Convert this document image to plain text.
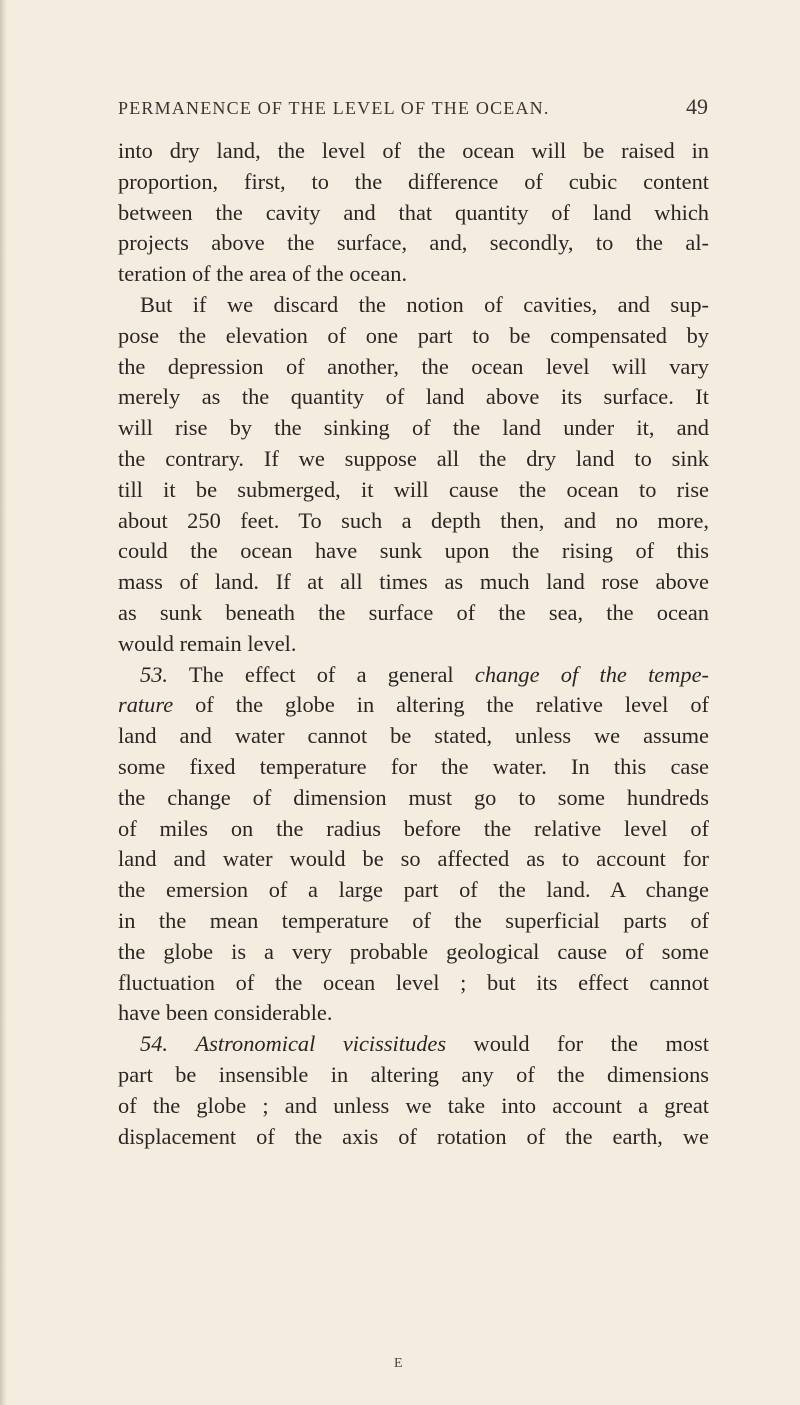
PERMANENCE OF THE LEVEL OF THE OCEAN.	49
into dry land, the level of the ocean will be raised in
proportion, first, to the difference of cubic content
between the cavity and that quantity of land which
projects above the surface, and, secondly, to the al-
teration of the area of the ocean.
But if we discard the notion of cavities, and sup-
pose the elevation of one part to be compensated by
the depression of another, the ocean level will vary
merely as the quantity of land above its surface. It
will rise by the sinking of the land under it, and
the contrary. If we suppose all the dry land to sink
till it be submerged, it will cause the ocean to rise
about 250 feet. To such a depth then, and no more,
could the ocean have sunk upon the rising of this
mass of land. If at all times as much land rose above
as sunk beneath the surface of the sea, the ocean
would remain level.
53. The effect of a general change of the tempe-
rature of the globe in altering the relative level of
land and water cannot be stated, unless we assume
some fixed temperature for the water. In this case
the change of dimension must go to some hundreds
of miles on the radius before the relative level of
land and water would be so affected as to account for
the emersion of a large part of the land. A change
in the mean temperature of the superficial parts of
the globe is a very probable geological cause of some
fluctuation of the ocean level ; but its effect cannot
have been considerable.
54. Astronomical vicissitudes would for the most
part be insensible in altering any of the dimensions
of the globe ; and unless we take into account a great
displacement of the axis of rotation of the earth, we
E
